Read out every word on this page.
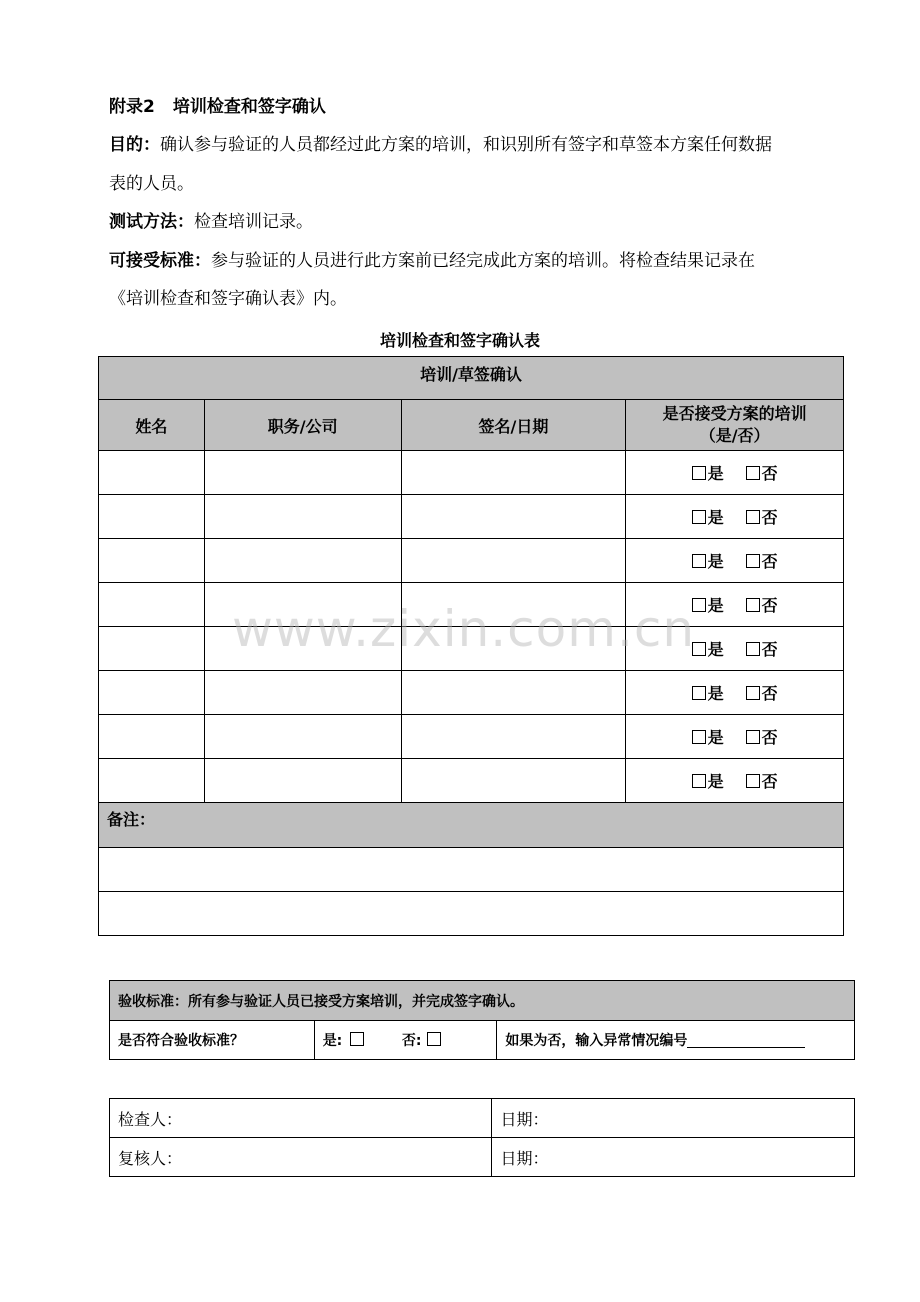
附录2 培训检查和签字确认
目的：确认参与验证的人员都经过此方案的培训，和识别所有签字和草签本方案任何数据
表的人员。
测试方法：检查培训记录。
可接受标准：参与验证的人员进行此方案前已经完成此方案的培训。将检查结果记录在
《培训检查和签字确认表》内。
培训检查和签字确认表
培训/草签确认			
姓名	职务/公司	签名/日期	是否接受方案的培训
（是/否）

			是 否
			是 否
			是 否
			是 否
			是 否
			是 否
			是 否
			是 否
备注：			

验收标准：所有参与验证人员已接受方案培训，并完成签字确认。
是否符合验收标准？	是:	否:	如果为否，输入异常情况编号
检查人：	日期：
复核人：	日期：
www.zixin.com.cn
